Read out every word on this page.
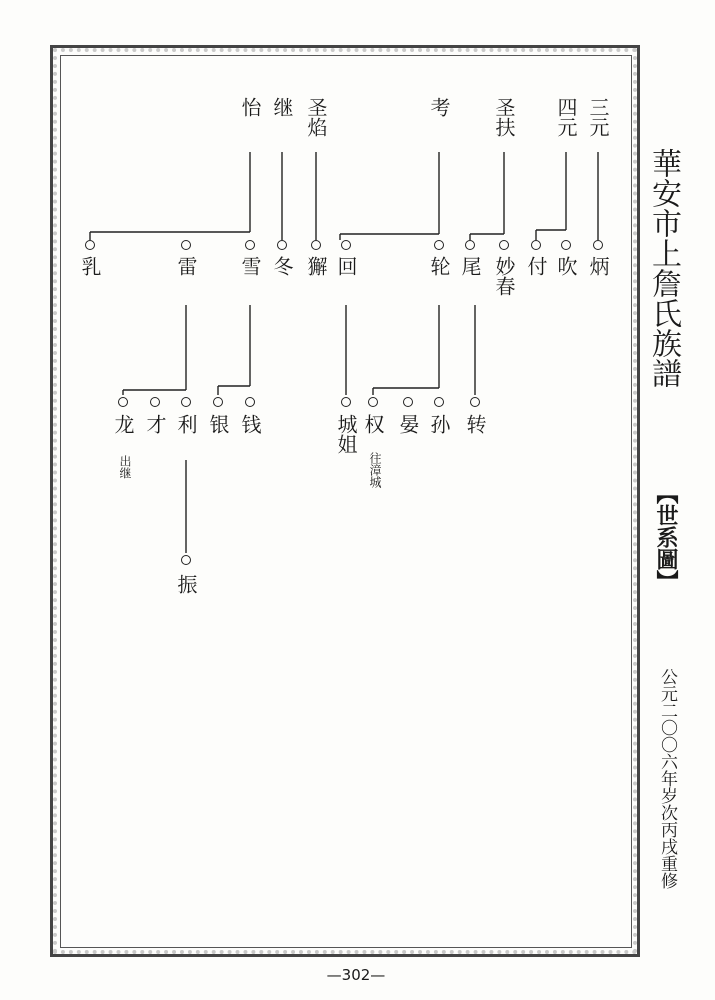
華安市上詹氏族譜
【世系圖】
公元二〇〇六年岁次丙戌重修
—302—
三元
四元
圣扶
考
圣焰
继
怡
炳
吹
付
妙春
尾
轮
回
獬
冬
雪
雷
乳
转
孙
晏
权
往漳城
城姐
钱
银
利
才
龙
出继
振
